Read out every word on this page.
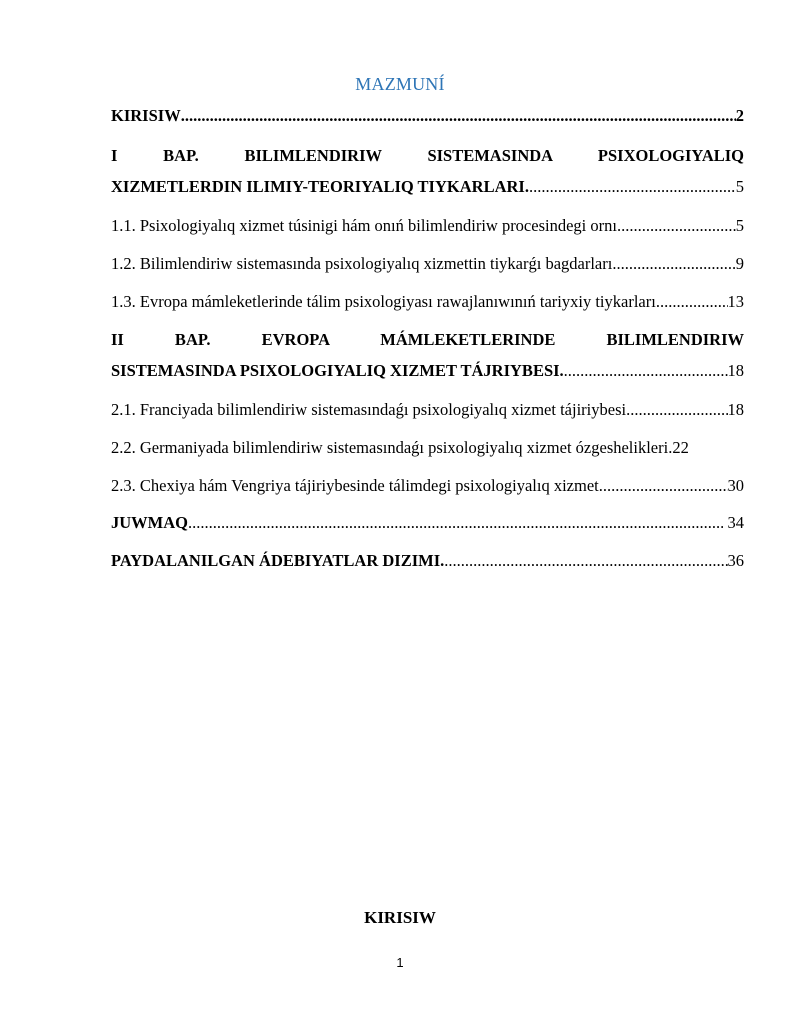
MAZMUNÍ
KIRISIW .....	2
I BAP. BILIMLENDIRIW SISTEMASINDA PSIXOLOGIYALIQ
XIZMETLERDIN ILIMIY-TEORIYALIQ TIYKARLARI. .....	5
1.1. Psixologiyalıq xizmet túsinigi hám onıń bilimlendiriw procesindegi ornı .....	5
1.2. Bilimlendiriw sistemasında psixologiyalıq xizmettin tiykarǵı bagdarları .....	9
1.3. Evropa mámleketlerinde tálim psixologiyası rawajlanıwınıń tariyxiy tiykarları. .....	13
II BAP. EVROPA MÁMLEKETLERINDE BILIMLENDIRIW
SISTEMASINDA PSIXOLOGIYALIQ XIZMET TÁJRIYBESI. .....	18
2.1. Franciyada bilimlendiriw sistemasındaǵı psixologiyalıq xizmet tájiriybesi .....	18
2.2. Germaniyada bilimlendiriw sistemasındaǵı psixologiyalıq xizmet ózgeshelikleri. 22
2.3. Chexiya hám Vengriya tájiriybesinde tálimdegi psixologiyalıq xizmet .....	30
JUWMAQ .....	34
PAYDALANILGAN ÁDEBIYATLAR DIZIMI. .....	36
KIRISIW
1
